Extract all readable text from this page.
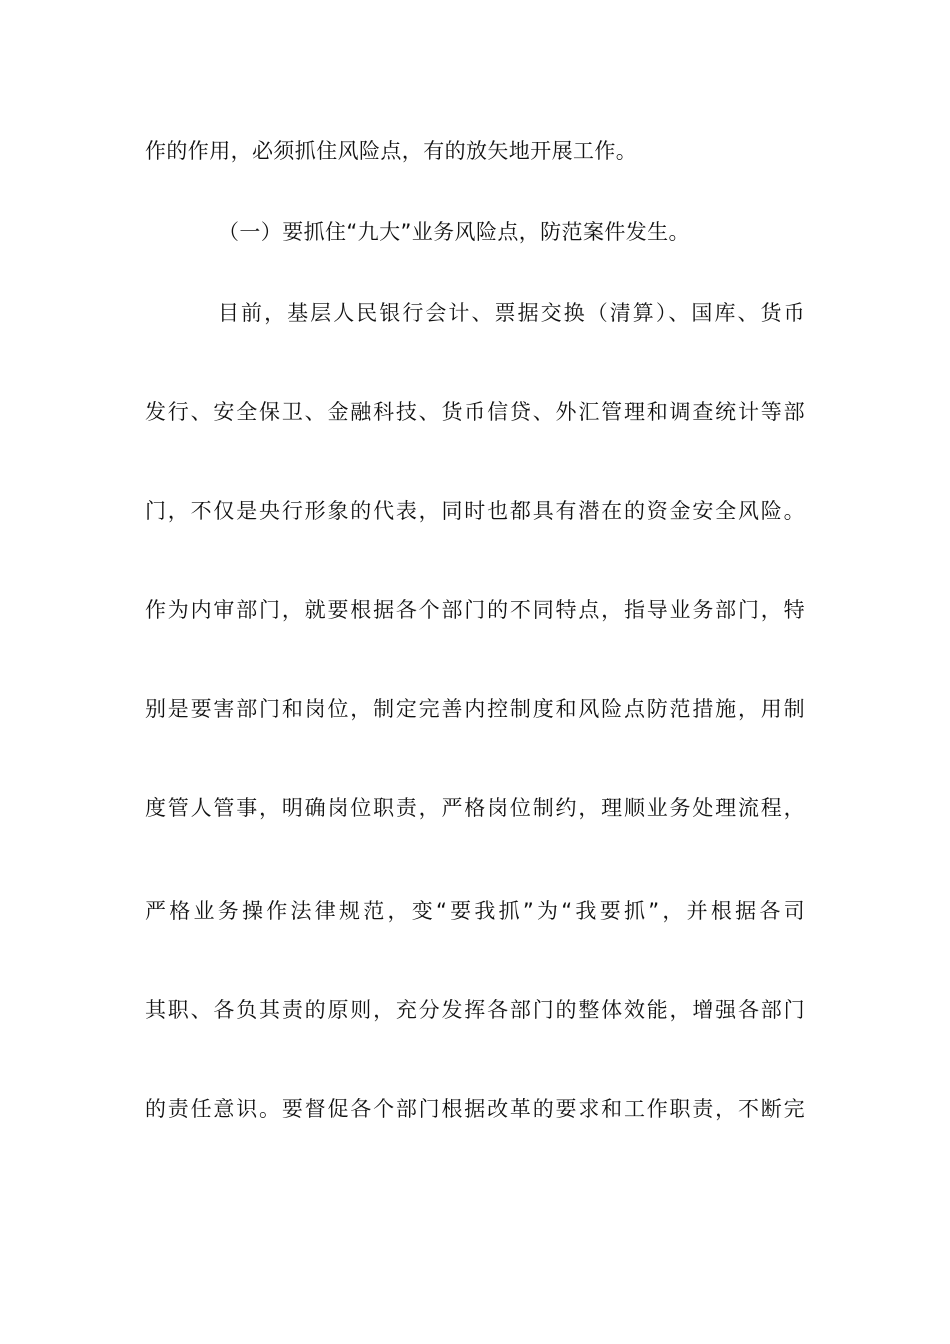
作的作用，必须抓住风险点，有的放矢地开展工作。
（一）要抓住“九大”业务风险点，防范案件发生。
目前，基层人民银行会计、票据交换（清算）、国库、货币
发行、安全保卫、金融科技、货币信贷、外汇管理和调查统计等部
门，不仅是央行形象的代表，同时也都具有潜在的资金安全风险。
作为内审部门，就要根据各个部门的不同特点，指导业务部门，特
别是要害部门和岗位，制定完善内控制度和风险点防范措施，用制
度管人管事，明确岗位职责，严格岗位制约，理顺业务处理流程，
严格业务操作法律规范，变“要我抓”为“我要抓”，并根据各司
其职、各负其责的原则，充分发挥各部门的整体效能，增强各部门
的责任意识。要督促各个部门根据改革的要求和工作职责，不断完
